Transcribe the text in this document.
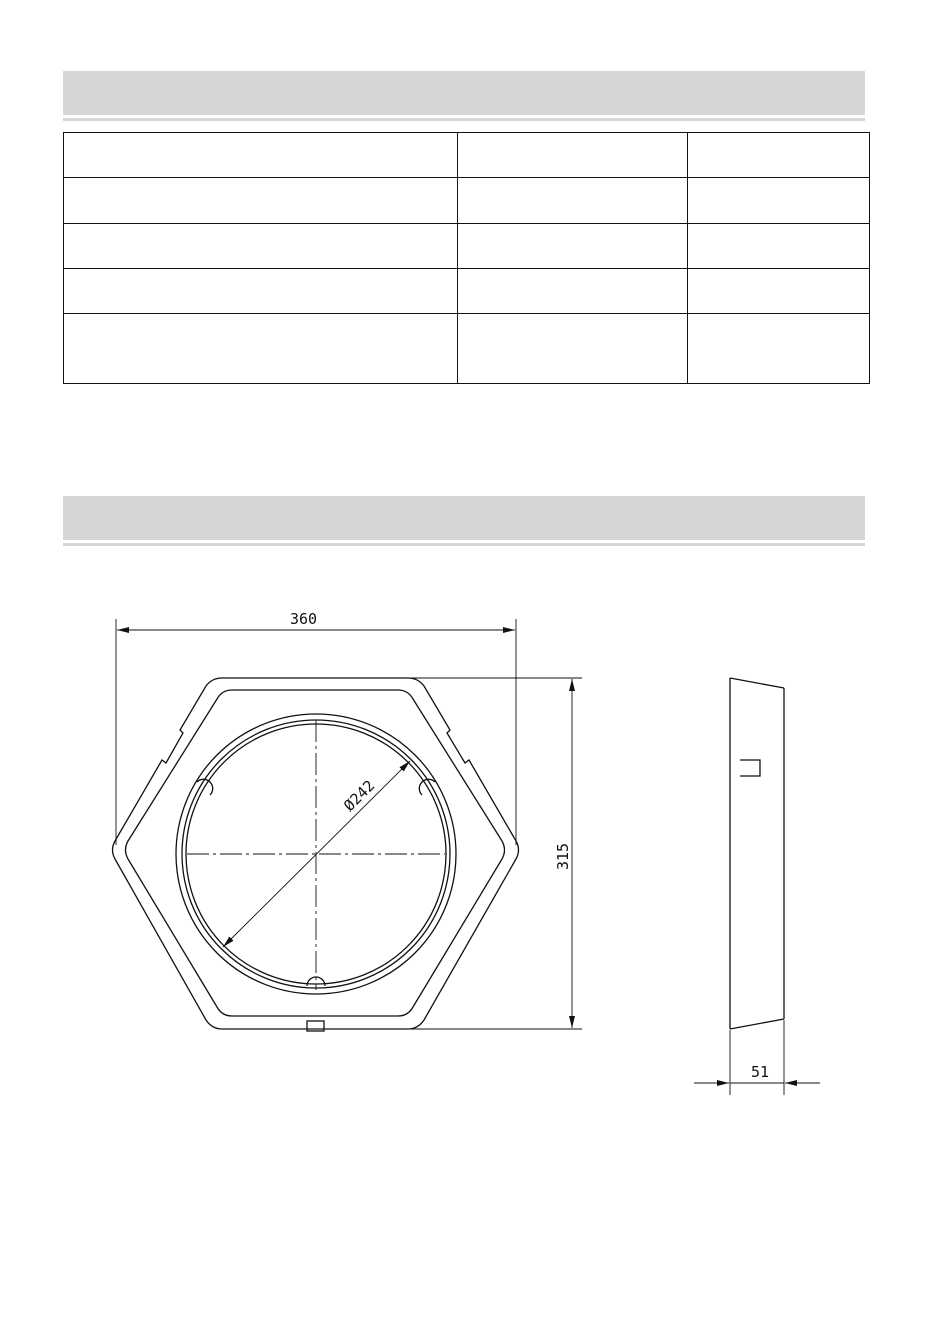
360
315
Ø242
51
